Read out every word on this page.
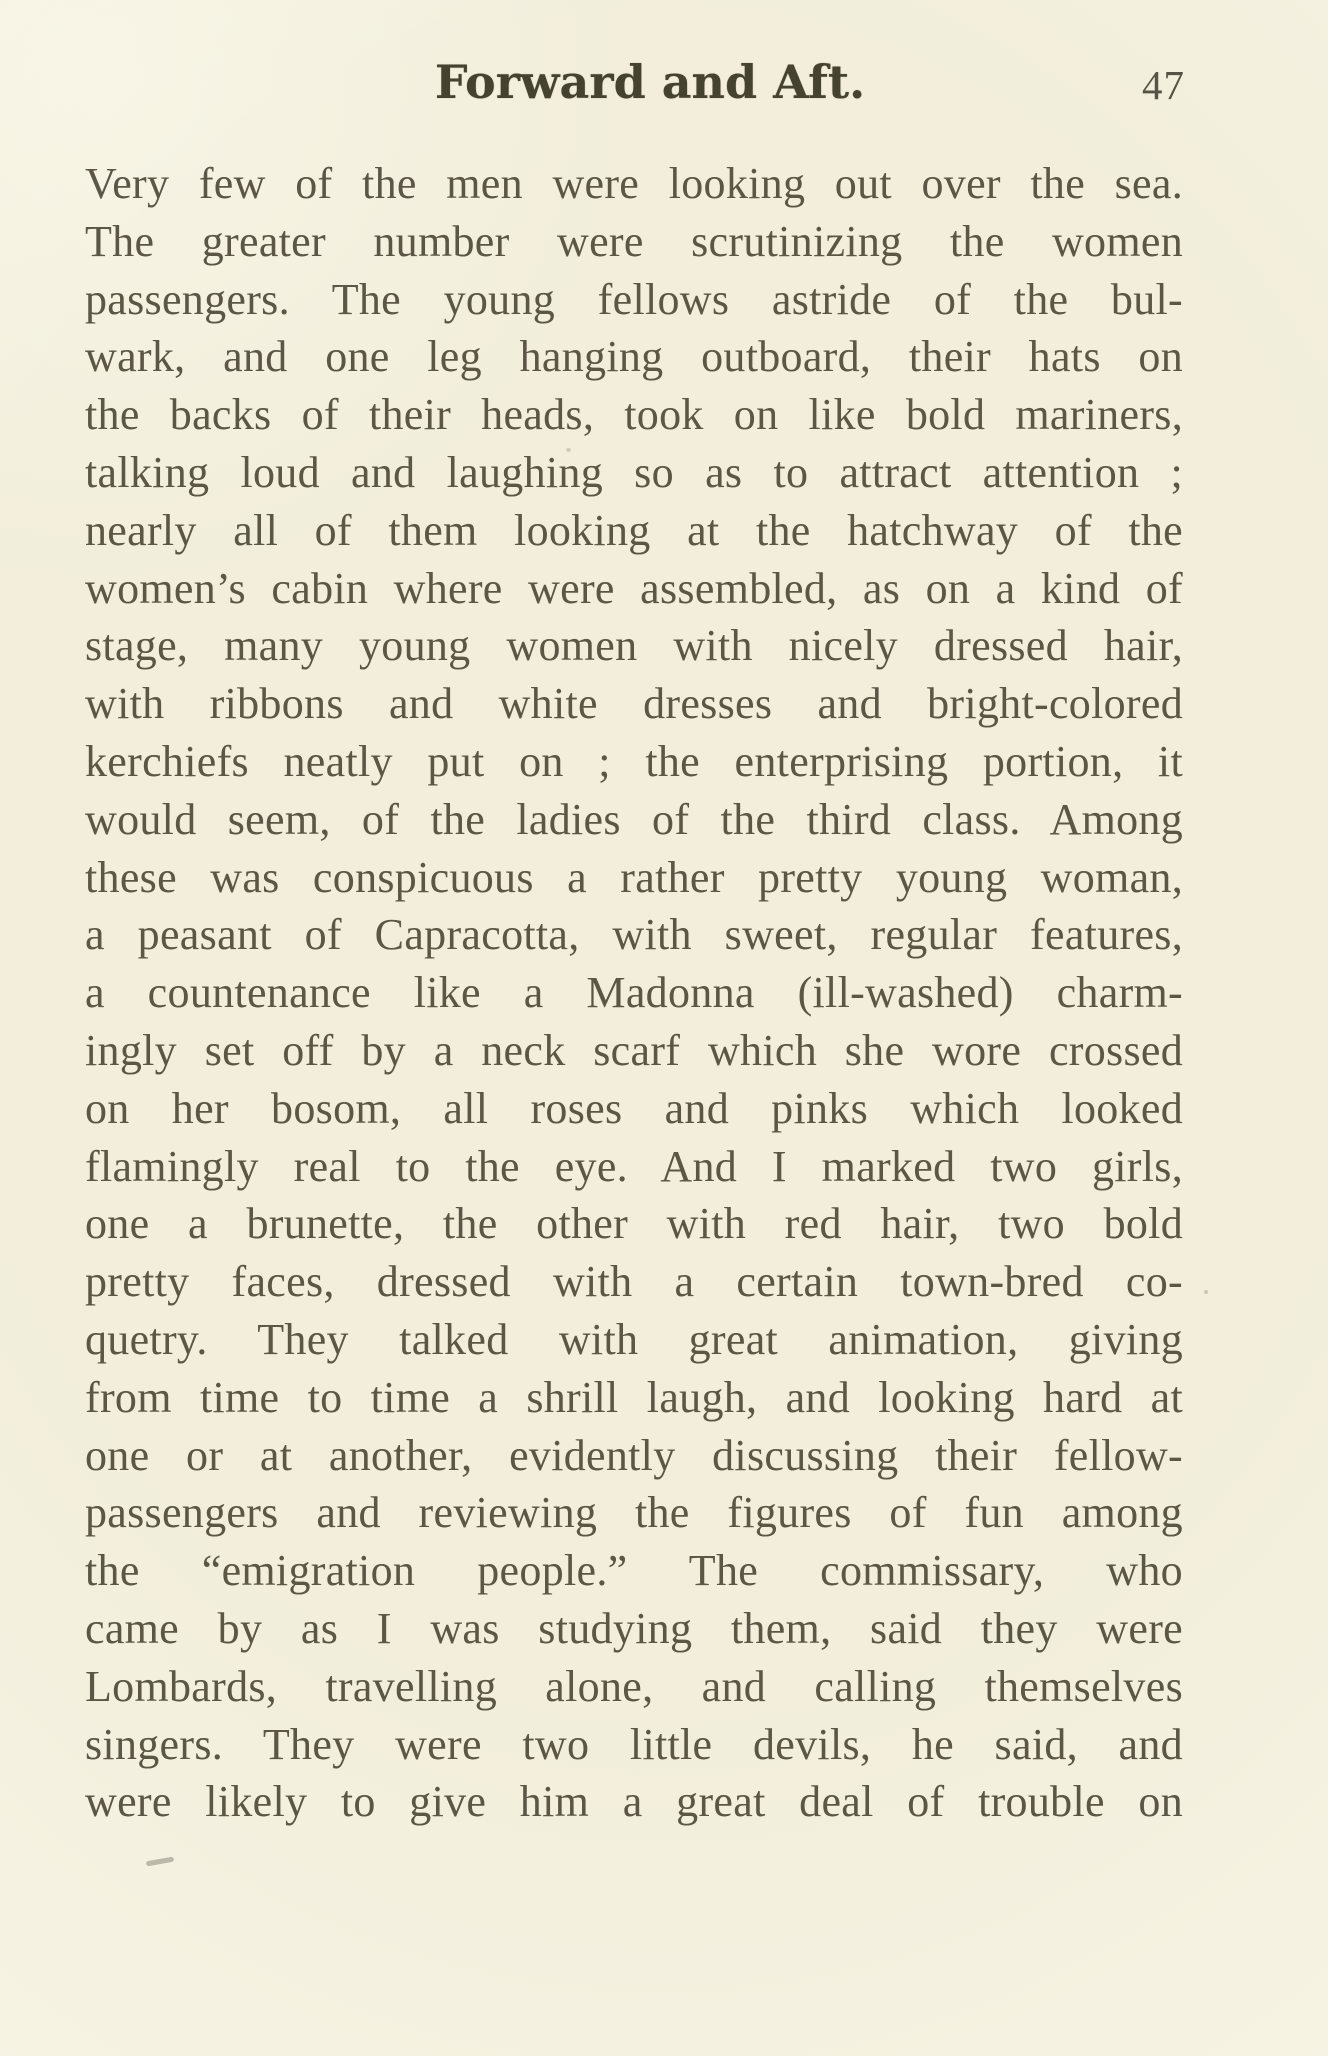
Forward and Aft.	47
Very few of the men were looking out over the sea.
The greater number were scrutinizing the women
passengers. The young fellows astride of the bul-
wark, and one leg hanging outboard, their hats on
the backs of their heads, took on like bold mariners,
talking loud and laughing so as to attract attention ;
nearly all of them looking at the hatchway of the
women’s cabin where were assembled, as on a kind of
stage, many young women with nicely dressed hair,
with ribbons and white dresses and bright-colored
kerchiefs neatly put on ; the enterprising portion, it
would seem, of the ladies of the third class. Among
these was conspicuous a rather pretty young woman,
a peasant of Capracotta, with sweet, regular features,
a countenance like a Madonna (ill-washed) charm-
ingly set off by a neck scarf which she wore crossed
on her bosom, all roses and pinks which looked
flamingly real to the eye. And I marked two girls,
one a brunette, the other with red hair, two bold
pretty faces, dressed with a certain town-bred co-
quetry. They talked with great animation, giving
from time to time a shrill laugh, and looking hard at
one or at another, evidently discussing their fellow-
passengers and reviewing the figures of fun among
the “emigration people.” The commissary, who
came by as I was studying them, said they were
Lombards, travelling alone, and calling themselves
singers. They were two little devils, he said, and
were likely to give him a great deal of trouble on
